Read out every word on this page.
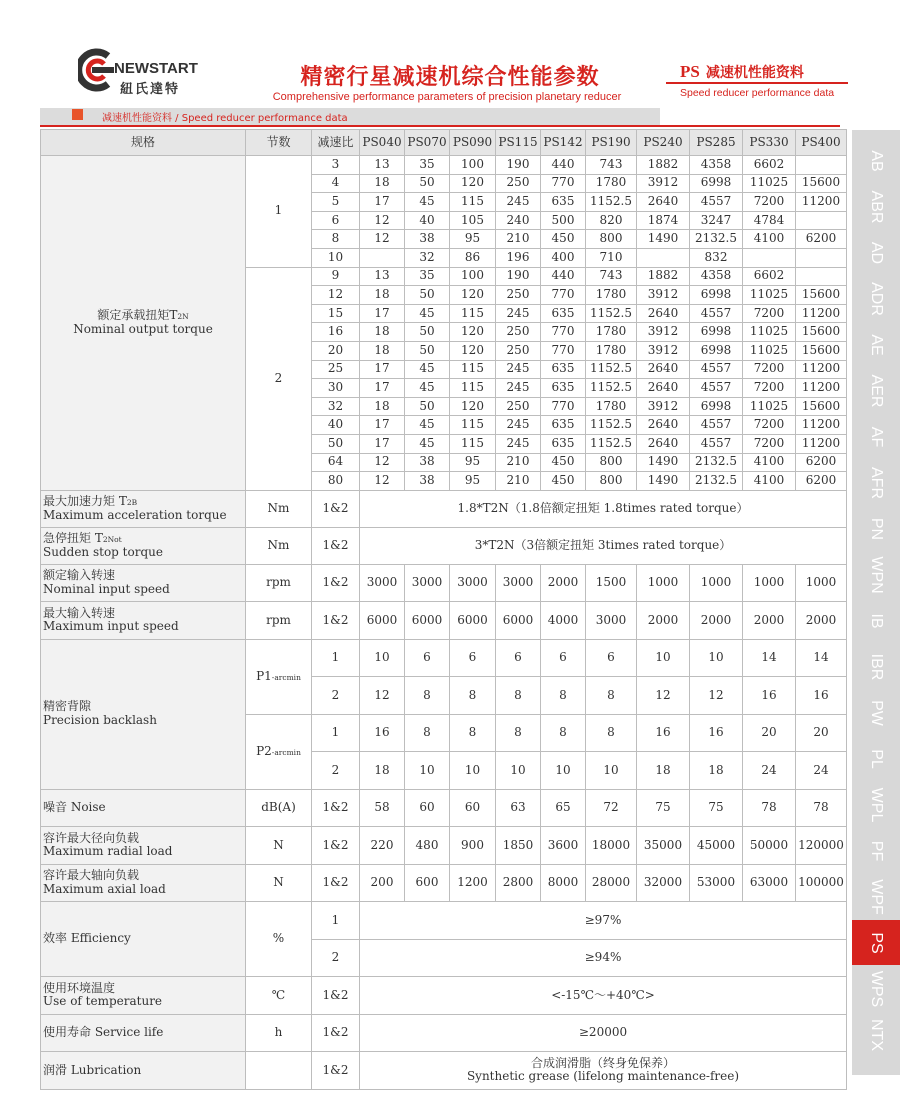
NEWSTART
紐氏達特	精密行星减速机综合性能参数
Comprehensive performance parameters of precision planetary reducer
PS 减速机性能资料
Speed reducer performance data
减速机性能资料 / Speed reducer performance data
规格	节数	减速比	PS040	PS070	PS090	PS115	PS142	PS190	PS240	PS285	PS330	PS400
额定承载扭矩T2N
Nominal output torque	1	3	13	35	100	190	440	743	1882	4358	6602	
		4	18	50	120	250	770	1780	3912	6998	11025	15600
		5	17	45	115	245	635	1152.5	2640	4557	7200	11200
		6	12	40	105	240	500	820	1874	3247	4784	
		8	12	38	95	210	450	800	1490	2132.5	4100	6200
		10		32	86	196	400	710		832		
	2	9	13	35	100	190	440	743	1882	4358	6602	
		12	18	50	120	250	770	1780	3912	6998	11025	15600
		15	17	45	115	245	635	1152.5	2640	4557	7200	11200
		16	18	50	120	250	770	1780	3912	6998	11025	15600
		20	18	50	120	250	770	1780	3912	6998	11025	15600
		25	17	45	115	245	635	1152.5	2640	4557	7200	11200
		30	17	45	115	245	635	1152.5	2640	4557	7200	11200
		32	18	50	120	250	770	1780	3912	6998	11025	15600
		40	17	45	115	245	635	1152.5	2640	4557	7200	11200
		50	17	45	115	245	635	1152.5	2640	4557	7200	11200
		64	12	38	95	210	450	800	1490	2132.5	4100	6200
		80	12	38	95	210	450	800	1490	2132.5	4100	6200
最大加速力矩 T2B
Maximum acceleration torque	Nm	1&2	1.8*T2N（1.8倍额定扭矩 1.8times rated torque）									
急停扭矩 T2Not
Sudden stop torque	Nm	1&2	3*T2N（3倍额定扭矩 3times rated torque）									
额定输入转速
Nominal input speed	rpm	1&2	3000	3000	3000	3000	2000	1500	1000	1000	1000	1000
最大输入转速
Maximum input speed	rpm	1&2	6000	6000	6000	6000	4000	3000	2000	2000	2000	2000
精密背隙
Precision backlash	P1-arcmin	1	10	6	6	6	6	6	10	10	14	14
		2	12	8	8	8	8	8	12	12	16	16
	P2-arcmin	1	16	8	8	8	8	8	16	16	20	20
		2	18	10	10	10	10	10	18	18	24	24
噪音 Noise	dB(A)	1&2	58	60	60	63	65	72	75	75	78	78
容许最大径向负载
Maximum radial load	N	1&2	220	480	900	1850	3600	18000	35000	45000	50000	120000
容许最大轴向负载
Maximum axial load	N	1&2	200	600	1200	2800	8000	28000	32000	53000	63000	100000
效率 Efficiency	%	1	≥97%									
		2	≥94%									
使用环境温度
Use of temperature	℃	1&2	<-15℃～+40℃>									
使用寿命 Service life	h	1&2	≥20000									
润滑 Lubrication		1&2	合成润滑脂（终身免保养）
Synthetic grease (lifelong maintenance-free)									
AB
ABR
AD
ADR
AE
AER
AF
AFR
PN
WPN
IB
IBR
PW
PL
WPL
PF
WPF
PS
WPS
NTX
